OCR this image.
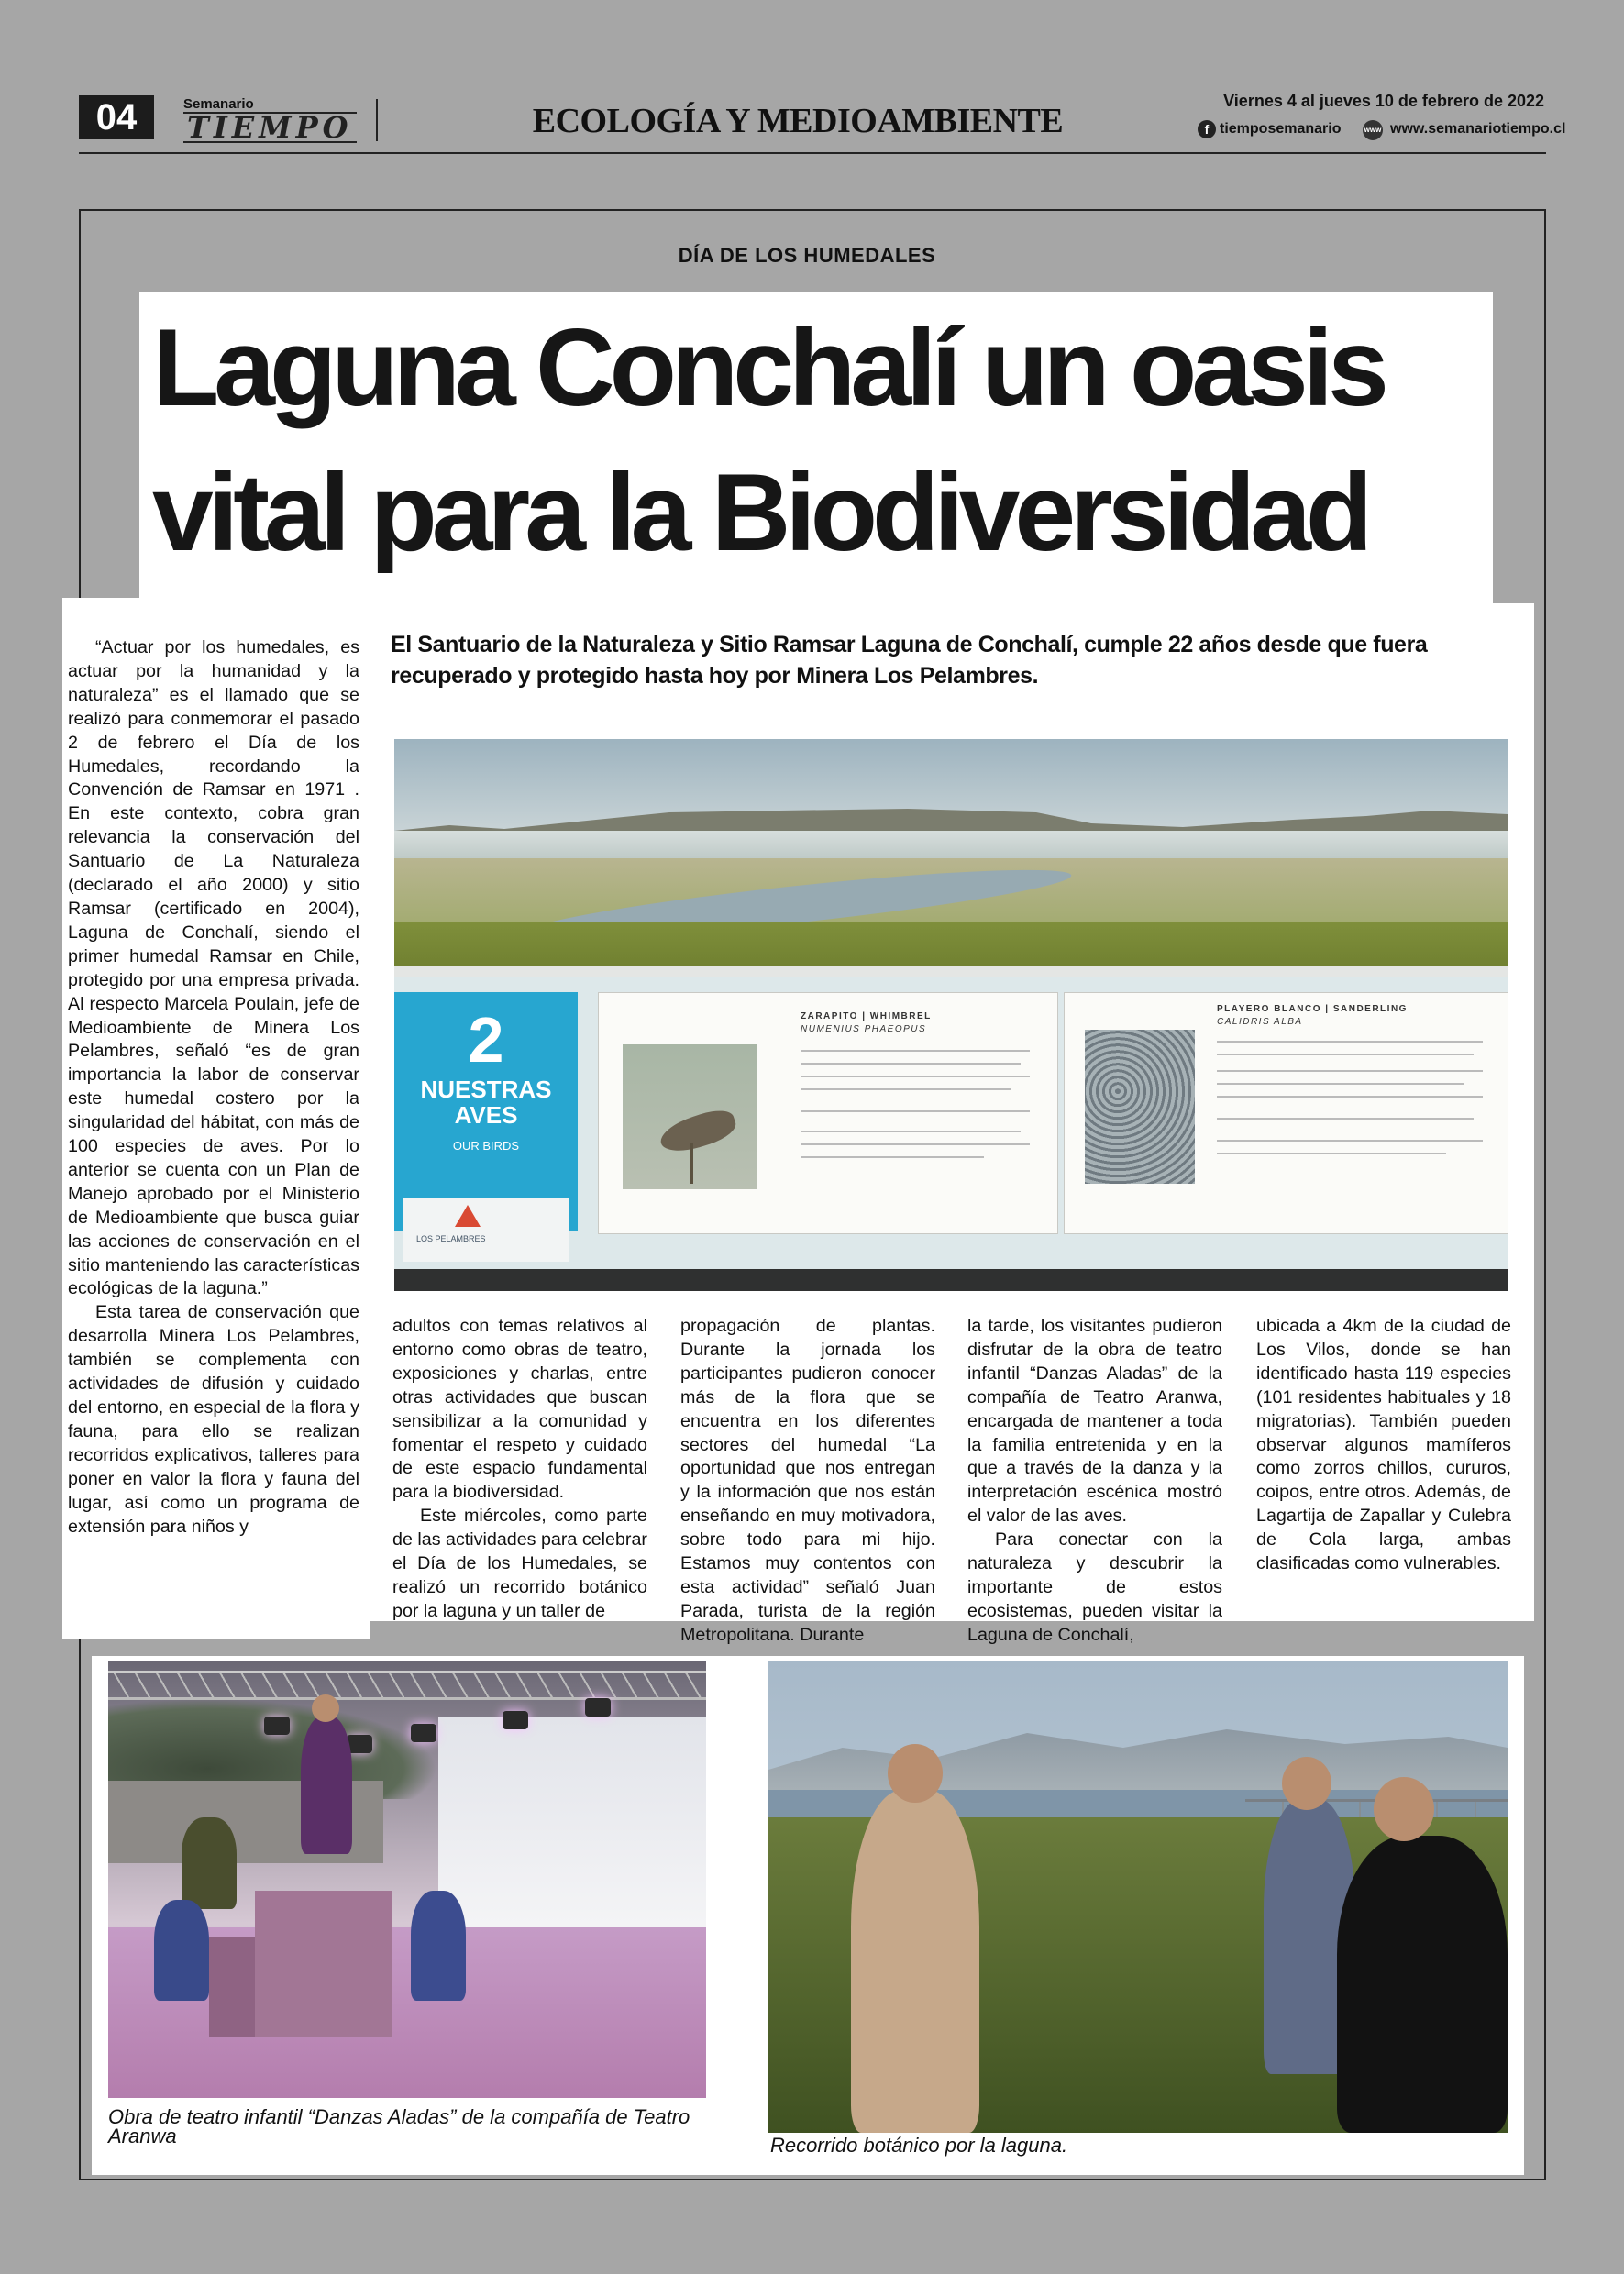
04	Semanario
TIEMPO	ECOLOGÍA Y MEDIOAMBIENTE
Viernes 4 al jueves 10 de febrero de 2022
f tiemposemanario	www www.semanariotiempo.cl
DÍA DE LOS HUMEDALES
Laguna Conchalí un oasis
vital para la Biodiversidad
El Santuario de la Naturaleza y Sitio Ramsar Laguna de Conchalí, cumple 22 años desde que fuera recuperado y protegido hasta hoy por Minera Los Pelambres.
2
NUESTRAS
AVES
OUR BIRDS
LOS PELAMBRES
ZARAPITO | WHIMBREL
NUMENIUS PHAEOPUS
PLAYERO BLANCO | SANDERLING
CALIDRIS ALBA

“Actuar por los humedales, es actuar por la humanidad y la naturaleza” es el llamado que se realizó para conmemorar el pasado 2 de febrero el Día de los Humedales, recordando la Convención de Ramsar en 1971 . En este contexto, cobra gran relevancia la conservación del Santuario de La Naturaleza (declarado el año 2000) y sitio Ramsar (certificado en 2004), Laguna de Conchalí, siendo el primer humedal Ramsar en Chile, protegido por una empresa privada. Al respecto Marcela Poulain, jefe de Medioambiente de Minera Los Pelambres, señaló “es de gran importancia la labor de conservar este humedal costero por la singularidad del hábitat, con más de 100 especies de aves. Por lo anterior se cuenta con un Plan de Manejo aprobado por el Ministerio de Medioambiente que busca guiar las acciones de conservación en el sitio manteniendo las características ecológicas de la laguna.”

Esta tarea de conservación que desarrolla Minera Los Pelambres, también se complementa con actividades de difusión y cuidado del entorno, en especial de la flora y fauna, para ello se realizan recorridos explicativos, talleres para poner en valor la flora y fauna del lugar, así como un programa de extensión para niños y

adultos con temas relativos al entorno como obras de teatro, exposiciones y charlas, entre otras actividades que buscan sensibilizar a la comunidad y fomentar el respeto y cuidado de este espacio fundamental para la biodiversidad.

Este miércoles, como parte de las actividades para celebrar el Día de los Humedales, se realizó un recorrido botánico por la laguna y un taller de

propagación de plantas. Durante la jornada los participantes pudieron conocer más de la flora que se encuentra en los diferentes sectores del humedal “La oportunidad que nos entregan y la información que nos están enseñando en muy motivadora, sobre todo para mi hijo. Estamos muy contentos con esta actividad” señaló Juan Parada, turista de la región Metropolitana. Durante

la tarde, los visitantes pudieron disfrutar de la obra de teatro infantil “Danzas Aladas” de la compañía de Teatro Aranwa, encargada de mantener a toda la familia entretenida y en la que a través de la danza y la interpretación escénica mostró el valor de las aves.

Para conectar con la naturaleza y descubrir la importante de estos ecosistemas, pueden visitar la Laguna de Conchalí,

ubicada a 4km de la ciudad de Los Vilos, donde se han identificado hasta 119 especies (101 residentes habituales y 18 migratorias). También pueden observar algunos mamíferos como zorros chillos, cururos, coipos, entre otros. Además, de Lagartija de Zapallar y Culebra de Cola larga, ambas clasificadas como vulnerables.

Obra de teatro infantil “Danzas Aladas” de la compañía de Teatro Aranwa	Recorrido botánico por la laguna.
